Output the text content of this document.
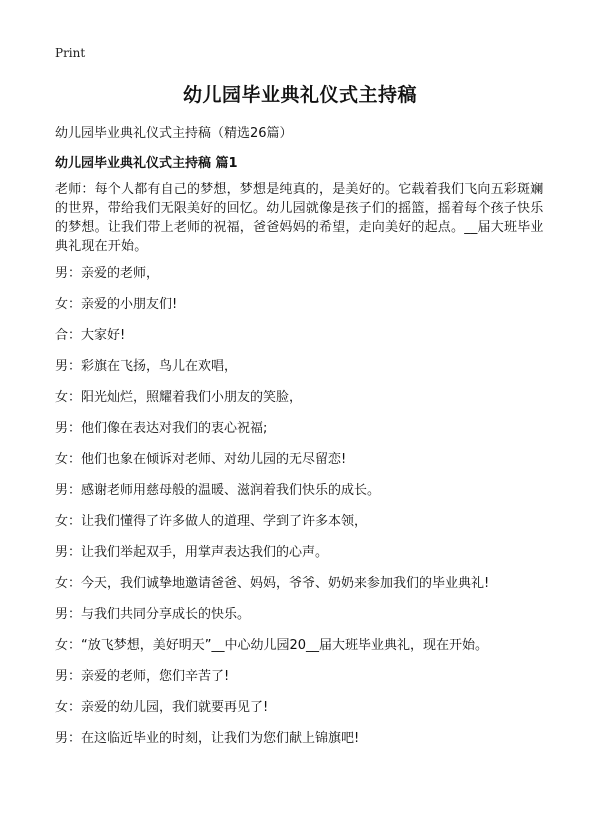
Print
幼儿园毕业典礼仪式主持稿

幼儿园毕业典礼仪式主持稿（精选26篇）

幼儿园毕业典礼仪式主持稿 篇1

老师：每个人都有自己的梦想，梦想是纯真的，是美好的。它载着我们飞向五彩斑斓的世界，带给我们无限美好的回忆。幼儿园就像是孩子们的摇篮，摇着每个孩子快乐的梦想。让我们带上老师的祝福，爸爸妈妈的希望，走向美好的起点。__届大班毕业典礼现在开始。

男：亲爱的老师，
女：亲爱的小朋友们!
合：大家好!
男：彩旗在飞扬，鸟儿在欢唱，
女：阳光灿烂，照耀着我们小朋友的笑脸，
男：他们像在表达对我们的衷心祝福;
女：他们也象在倾诉对老师、对幼儿园的无尽留恋!
男：感谢老师用慈母般的温暖、滋润着我们快乐的成长。
女：让我们懂得了许多做人的道理、学到了许多本领，
男：让我们举起双手，用掌声表达我们的心声。
女：今天，我们诚挚地邀请爸爸、妈妈，爷爷、奶奶来参加我们的毕业典礼!
男：与我们共同分享成长的快乐。
女：“放飞梦想，美好明天”__中心幼儿园20__届大班毕业典礼，现在开始。
男：亲爱的老师，您们辛苦了!
女：亲爱的幼儿园，我们就要再见了!
男：在这临近毕业的时刻，让我们为您们献上锦旗吧!
